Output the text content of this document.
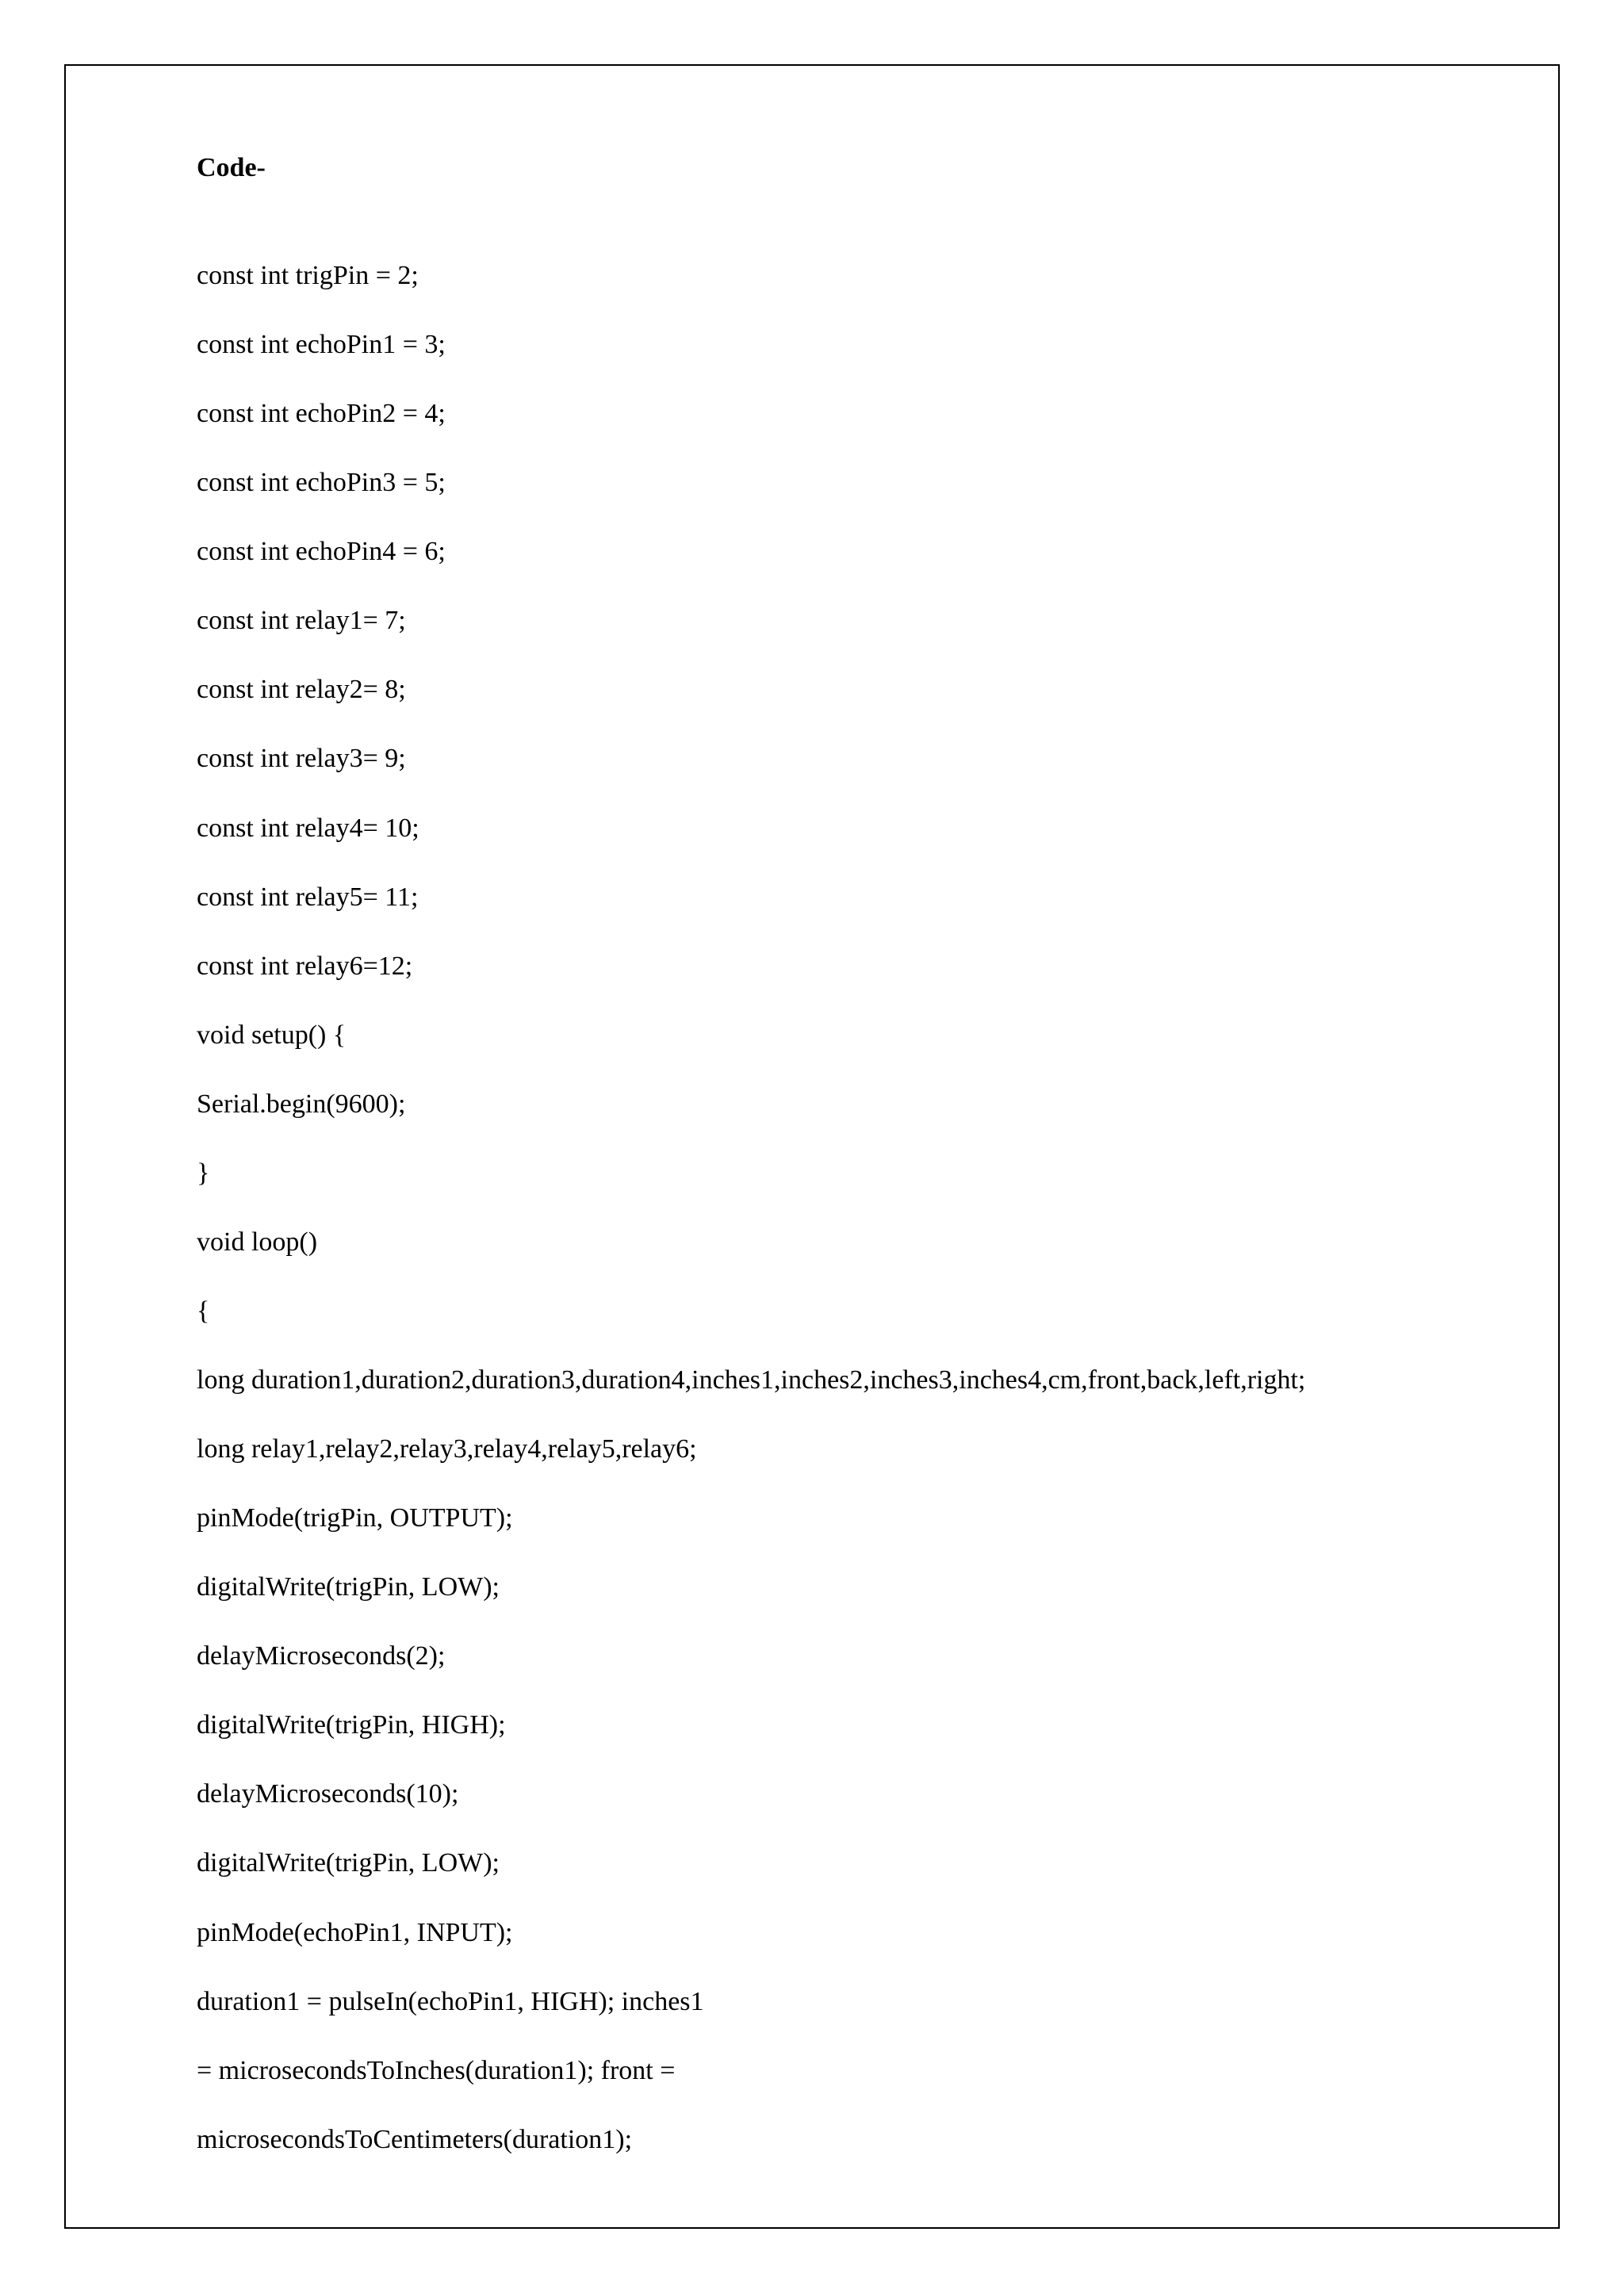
Code-
const int trigPin = 2;
const int echoPin1 = 3;
const int echoPin2 = 4;
const int echoPin3 = 5;
const int echoPin4 = 6;
const int relay1= 7;
const int relay2= 8;
const int relay3= 9;
const int relay4= 10;
const int relay5= 11;
const int relay6=12;
void setup() {
Serial.begin(9600);
}
void loop()
{
long duration1,duration2,duration3,duration4,inches1,inches2,inches3,inches4,cm,front,back,left,right;
long relay1,relay2,relay3,relay4,relay5,relay6;
pinMode(trigPin, OUTPUT);
digitalWrite(trigPin, LOW);
delayMicroseconds(2);
digitalWrite(trigPin, HIGH);
delayMicroseconds(10);
digitalWrite(trigPin, LOW);
pinMode(echoPin1, INPUT);
duration1 = pulseIn(echoPin1, HIGH); inches1
= microsecondsToInches(duration1); front =
microsecondsToCentimeters(duration1);
